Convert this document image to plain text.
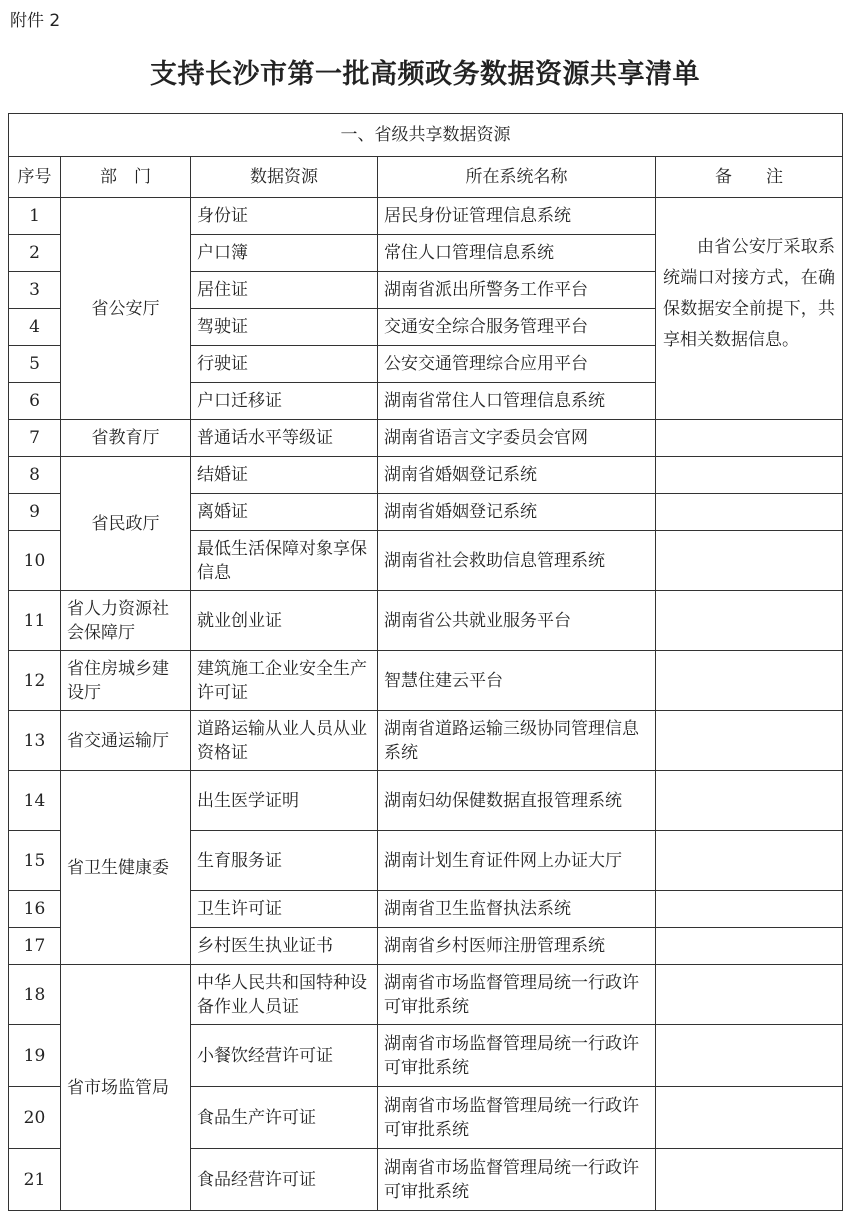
附件 2
支持长沙市第一批高频政务数据资源共享清单
一、省级共享数据资源				
序号	部　门	数据资源	所在系统名称	备　　注
1	省公安厅	身份证	居民身份证管理信息系统	由省公安厅采取系统端口对接方式，在确保数据安全前提下，共享相关数据信息。

2		户口簿	常住人口管理信息系统	
3		居住证	湖南省派出所警务工作平台	
4		驾驶证	交通安全综合服务管理平台	
5		行驶证	公安交通管理综合应用平台	
6		户口迁移证	湖南省常住人口管理信息系统	
7	省教育厅	普通话水平等级证	湖南省语言文字委员会官网	
8	省民政厅	结婚证	湖南省婚姻登记系统	
9		离婚证	湖南省婚姻登记系统	
10		最低生活保障对象享保信息	湖南省社会救助信息管理系统	
11	省人力资源社会保障厅	就业创业证	湖南省公共就业服务平台	
12	省住房城乡建设厅	建筑施工企业安全生产许可证	智慧住建云平台	
13	省交通运输厅	道路运输从业人员从业资格证	湖南省道路运输三级协同管理信息系统	
14	省卫生健康委	出生医学证明	湖南妇幼保健数据直报管理系统	
15		生育服务证	湖南计划生育证件网上办证大厅	
16		卫生许可证	湖南省卫生监督执法系统	
17		乡村医生执业证书	湖南省乡村医师注册管理系统	
18	省市场监管局	中华人民共和国特种设备作业人员证	湖南省市场监督管理局统一行政许可审批系统	
19		小餐饮经营许可证	湖南省市场监督管理局统一行政许可审批系统	
20		食品生产许可证	湖南省市场监督管理局统一行政许可审批系统	
21		食品经营许可证	湖南省市场监督管理局统一行政许可审批系统	
